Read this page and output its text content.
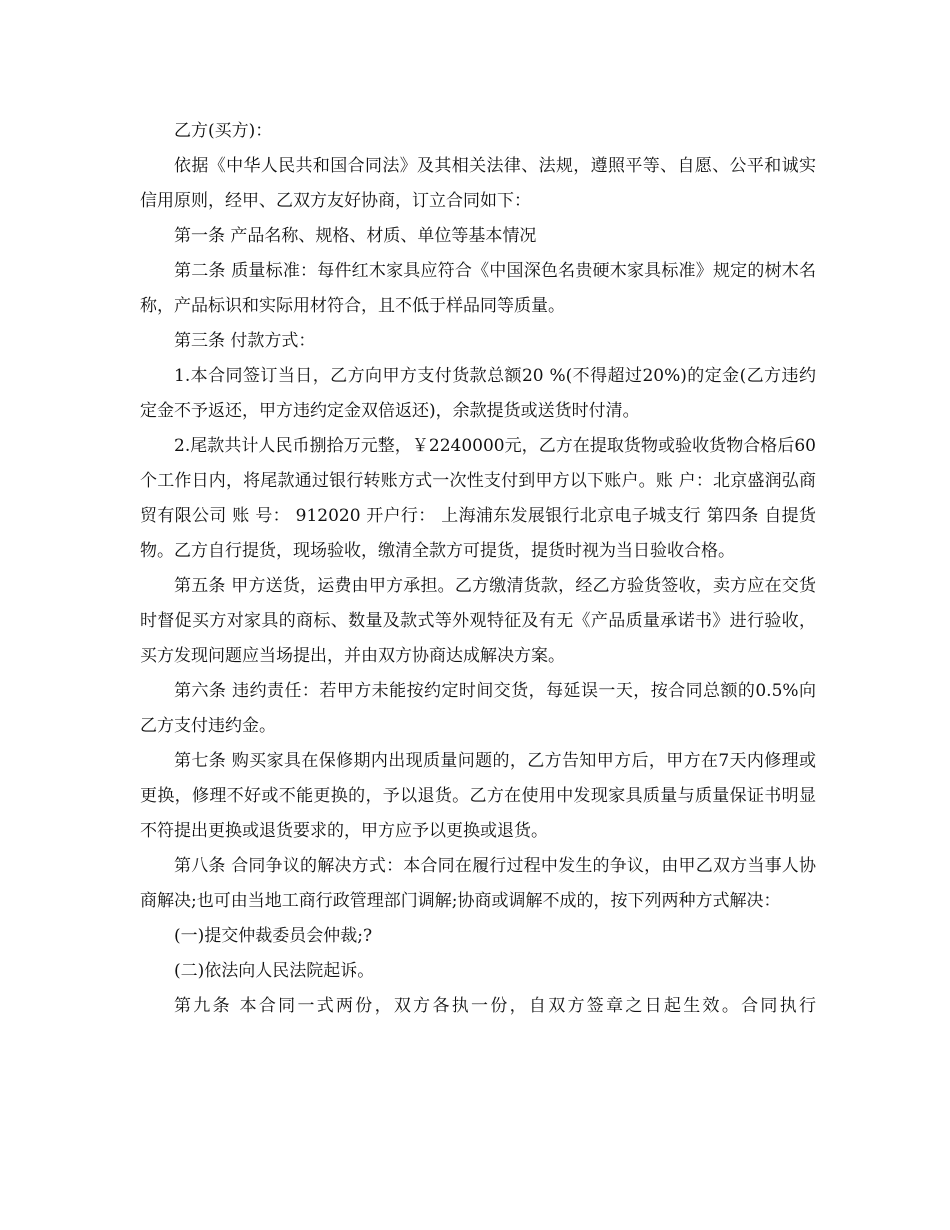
乙方(买方)：

依据《中华人民共和国合同法》及其相关法律、法规，遵照平等、自愿、公平和诚实信用原则，经甲、乙双方友好协商，订立合同如下：

第一条 产品名称、规格、材质、单位等基本情况

第二条 质量标准：每件红木家具应符合《中国深色名贵硬木家具标准》规定的树木名称，产品标识和实际用材符合，且不低于样品同等质量。

第三条 付款方式：

1.本合同签订当日，乙方向甲方支付货款总额20 %(不得超过20%)的定金(乙方违约定金不予返还，甲方违约定金双倍返还)，余款提货或送货时付清。

2.尾款共计人民币捌拾万元整，￥2240000元，乙方在提取货物或验收货物合格后60个工作日内，将尾款通过银行转账方式一次性支付到甲方以下账户。账 户：北京盛润弘商贸有限公司 账 号： 912020 开户行： 上海浦东发展银行北京电子城支行 第四条 自提货物。乙方自行提货，现场验收，缴清全款方可提货，提货时视为当日验收合格。

第五条 甲方送货，运费由甲方承担。乙方缴清货款，经乙方验货签收，卖方应在交货时督促买方对家具的商标、数量及款式等外观特征及有无《产品质量承诺书》进行验收，买方发现问题应当场提出，并由双方协商达成解决方案。

第六条 违约责任：若甲方未能按约定时间交货，每延误一天，按合同总额的0.5%向乙方支付违约金。

第七条 购买家具在保修期内出现质量问题的，乙方告知甲方后，甲方在7天内修理或更换，修理不好或不能更换的，予以退货。乙方在使用中发现家具质量与质量保证书明显不符提出更换或退货要求的，甲方应予以更换或退货。

第八条 合同争议的解决方式：本合同在履行过程中发生的争议，由甲乙双方当事人协商解决;也可由当地工商行政管理部门调解;协商或调解不成的，按下列两种方式解决：

(一)提交仲裁委员会仲裁;?

(二)依法向人民法院起诉。

第九条 本合同一式两份，双方各执一份，自双方签章之日起生效。合同执行
